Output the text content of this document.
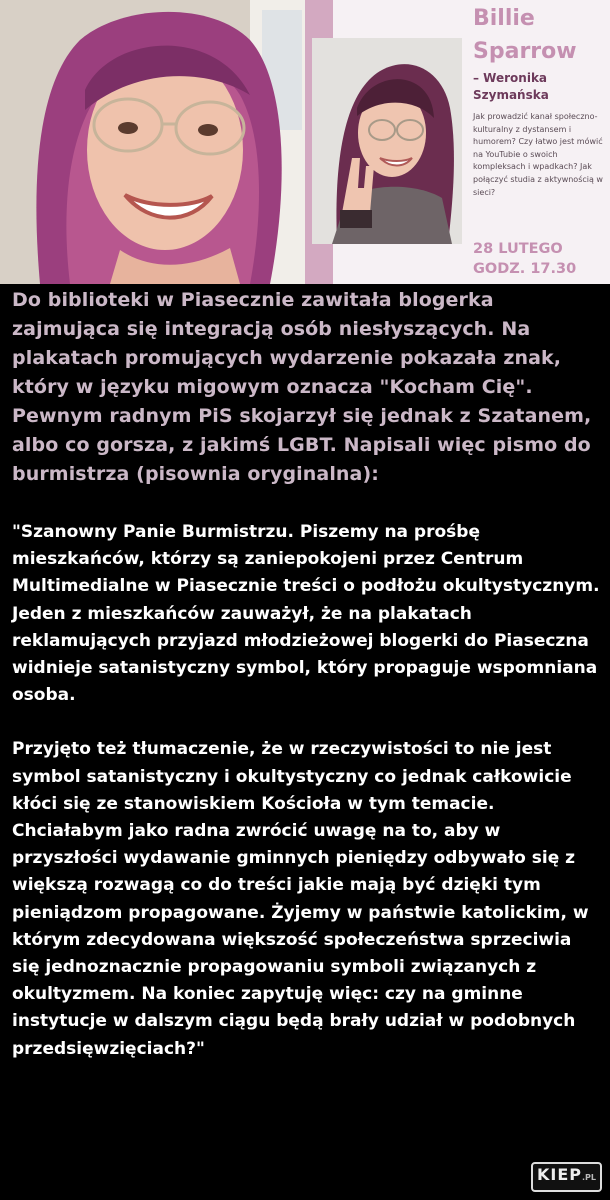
Billie
Sparrow
– Weronika
Szymańska
Jak prowadzić kanał społeczno-kulturalny z dystansem i humorem? Czy łatwo jest mówić na YouTubie o swoich kompleksach i wpadkach? Jak połączyć studia z aktywnością w sieci?
28 LUTEGO
GODZ. 17.30

Do biblioteki w Piasecznie zawitała blogerka zajmująca się integracją osób niesłyszących. Na plakatach promujących wydarzenie pokazała znak, który w języku migowym oznacza "Kocham Cię". Pewnym radnym PiS skojarzył się jednak z Szatanem, albo co gorsza, z jakimś LGBT. Napisali więc pismo do burmistrza (pisownia oryginalna):

"Szanowny Panie Burmistrzu. Piszemy na prośbę mieszkańców, którzy są zaniepokojeni przez Centrum Multimedialne w Piasecznie treści o podłożu okultystycznym. Jeden z mieszkańców zauważył, że na plakatach reklamujących przyjazd młodzieżowej blogerki do Piaseczna widnieje satanistyczny symbol, który propaguje wspomniana osoba.

Przyjęto też tłumaczenie, że w rzeczywistości to nie jest symbol satanistyczny i okultystyczny co jednak całkowicie kłóci się ze stanowiskiem Kościoła w tym temacie. Chciałabym jako radna zwrócić uwagę na to, aby w przyszłości wydawanie gminnych pieniędzy odbywało się z większą rozwagą co do treści jakie mają być dzięki tym pieniądzom propagowane. Żyjemy w państwie katolickim, w którym zdecydowana większość społeczeństwa sprzeciwia się jednoznacznie propagowaniu symboli związanych z okultyzmem. Na koniec zapytuję więc: czy na gminne instytucje w dalszym ciągu będą brały udział w podobnych przedsięwzięciach?"

KIEP.PL
